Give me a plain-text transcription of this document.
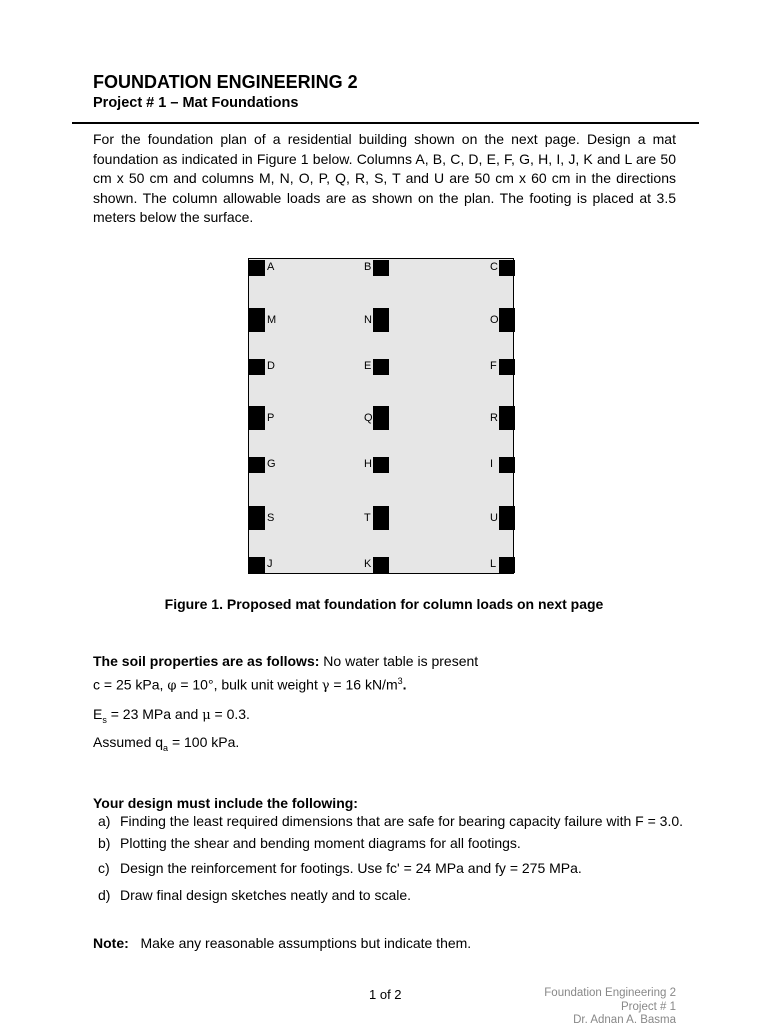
FOUNDATION ENGINEERING 2
Project # 1 – Mat Foundations
For the foundation plan of a residential building shown on the next page. Design a mat foundation as indicated in Figure 1 below. Columns A, B, C, D, E, F, G, H, I, J, K and L are 50 cm x 50 cm and columns M, N, O, P, Q, R, S, T and U are 50 cm x 60 cm in the directions shown. The column allowable loads are as shown on the plan. The footing is placed at 3.5 meters below the surface.
A	B	C
M	N	O
D	E	F
P	Q	R
G	H	I
S	T	U
J	K	L
Figure 1. Proposed mat foundation for column loads on next page
The soil properties are as follows: No water table is present
c = 25 kPa, φ = 10°, bulk unit weight γ = 16 $kN/m^3$.
$E_s = 23$ MPa and μ = 0.3.
Assumed $q_a = 100$ kPa.
Your design must include the following:
a) Finding the least required dimensions that are safe for bearing capacity failure with F = 3.0.
b) Plotting the shear and bending moment diagrams for all footings.
c) Design the reinforcement for footings. Use fc' = 24 MPa and fy = 275 MPa.
d) Draw final design sketches neatly and to scale.
Note: Make any reasonable assumptions but indicate them.
1 of 2	Foundation Engineering 2
Project # 1
Dr. Adnan A. Basma
